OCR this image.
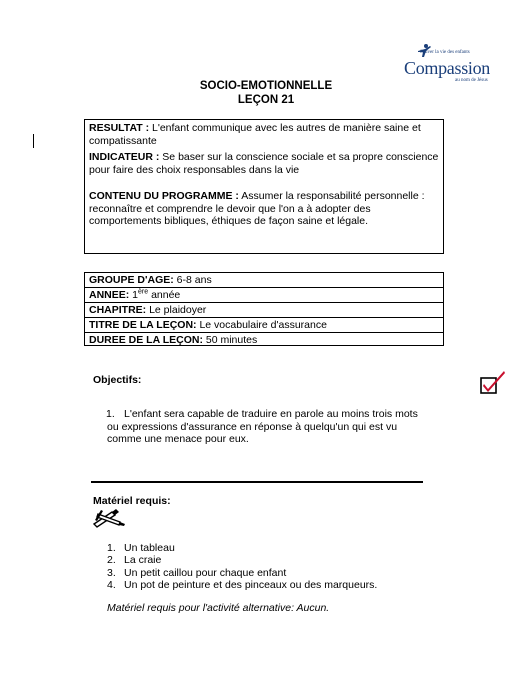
Sauver la vie des enfants
Compassion
au nom de Jésus
SOCIO-EMOTIONNELLE
LEÇON 21

RESULTAT : L'enfant communique avec les autres de manière saine et compatissante

INDICATEUR : Se baser sur la conscience sociale et sa propre conscience pour faire des choix responsables dans la vie

CONTENU DU PROGRAMME : Assumer la responsabilité personnelle : reconnaître et comprendre le devoir que l'on a à adopter des comportements bibliques, éthiques de façon saine et légale.

GROUPE D'AGE: 6-8 ans
ANNEE: 1ère année
CHAPITRE: Le plaidoyer
TITRE DE LA LEÇON: Le vocabulaire d'assurance
DUREE DE LA LEÇON: 50 minutes
Objectifs:
1. L'enfant sera capable de traduire en parole au moins trois mots ou expressions d'assurance en réponse à quelqu'un qui est vu comme une menace pour eux.
Matériel requis:
1. Un tableau
2. La craie
3. Un petit caillou pour chaque enfant
4. Un pot de peinture et des pinceaux ou des marqueurs.
Matériel requis pour l'activité alternative: Aucun.
